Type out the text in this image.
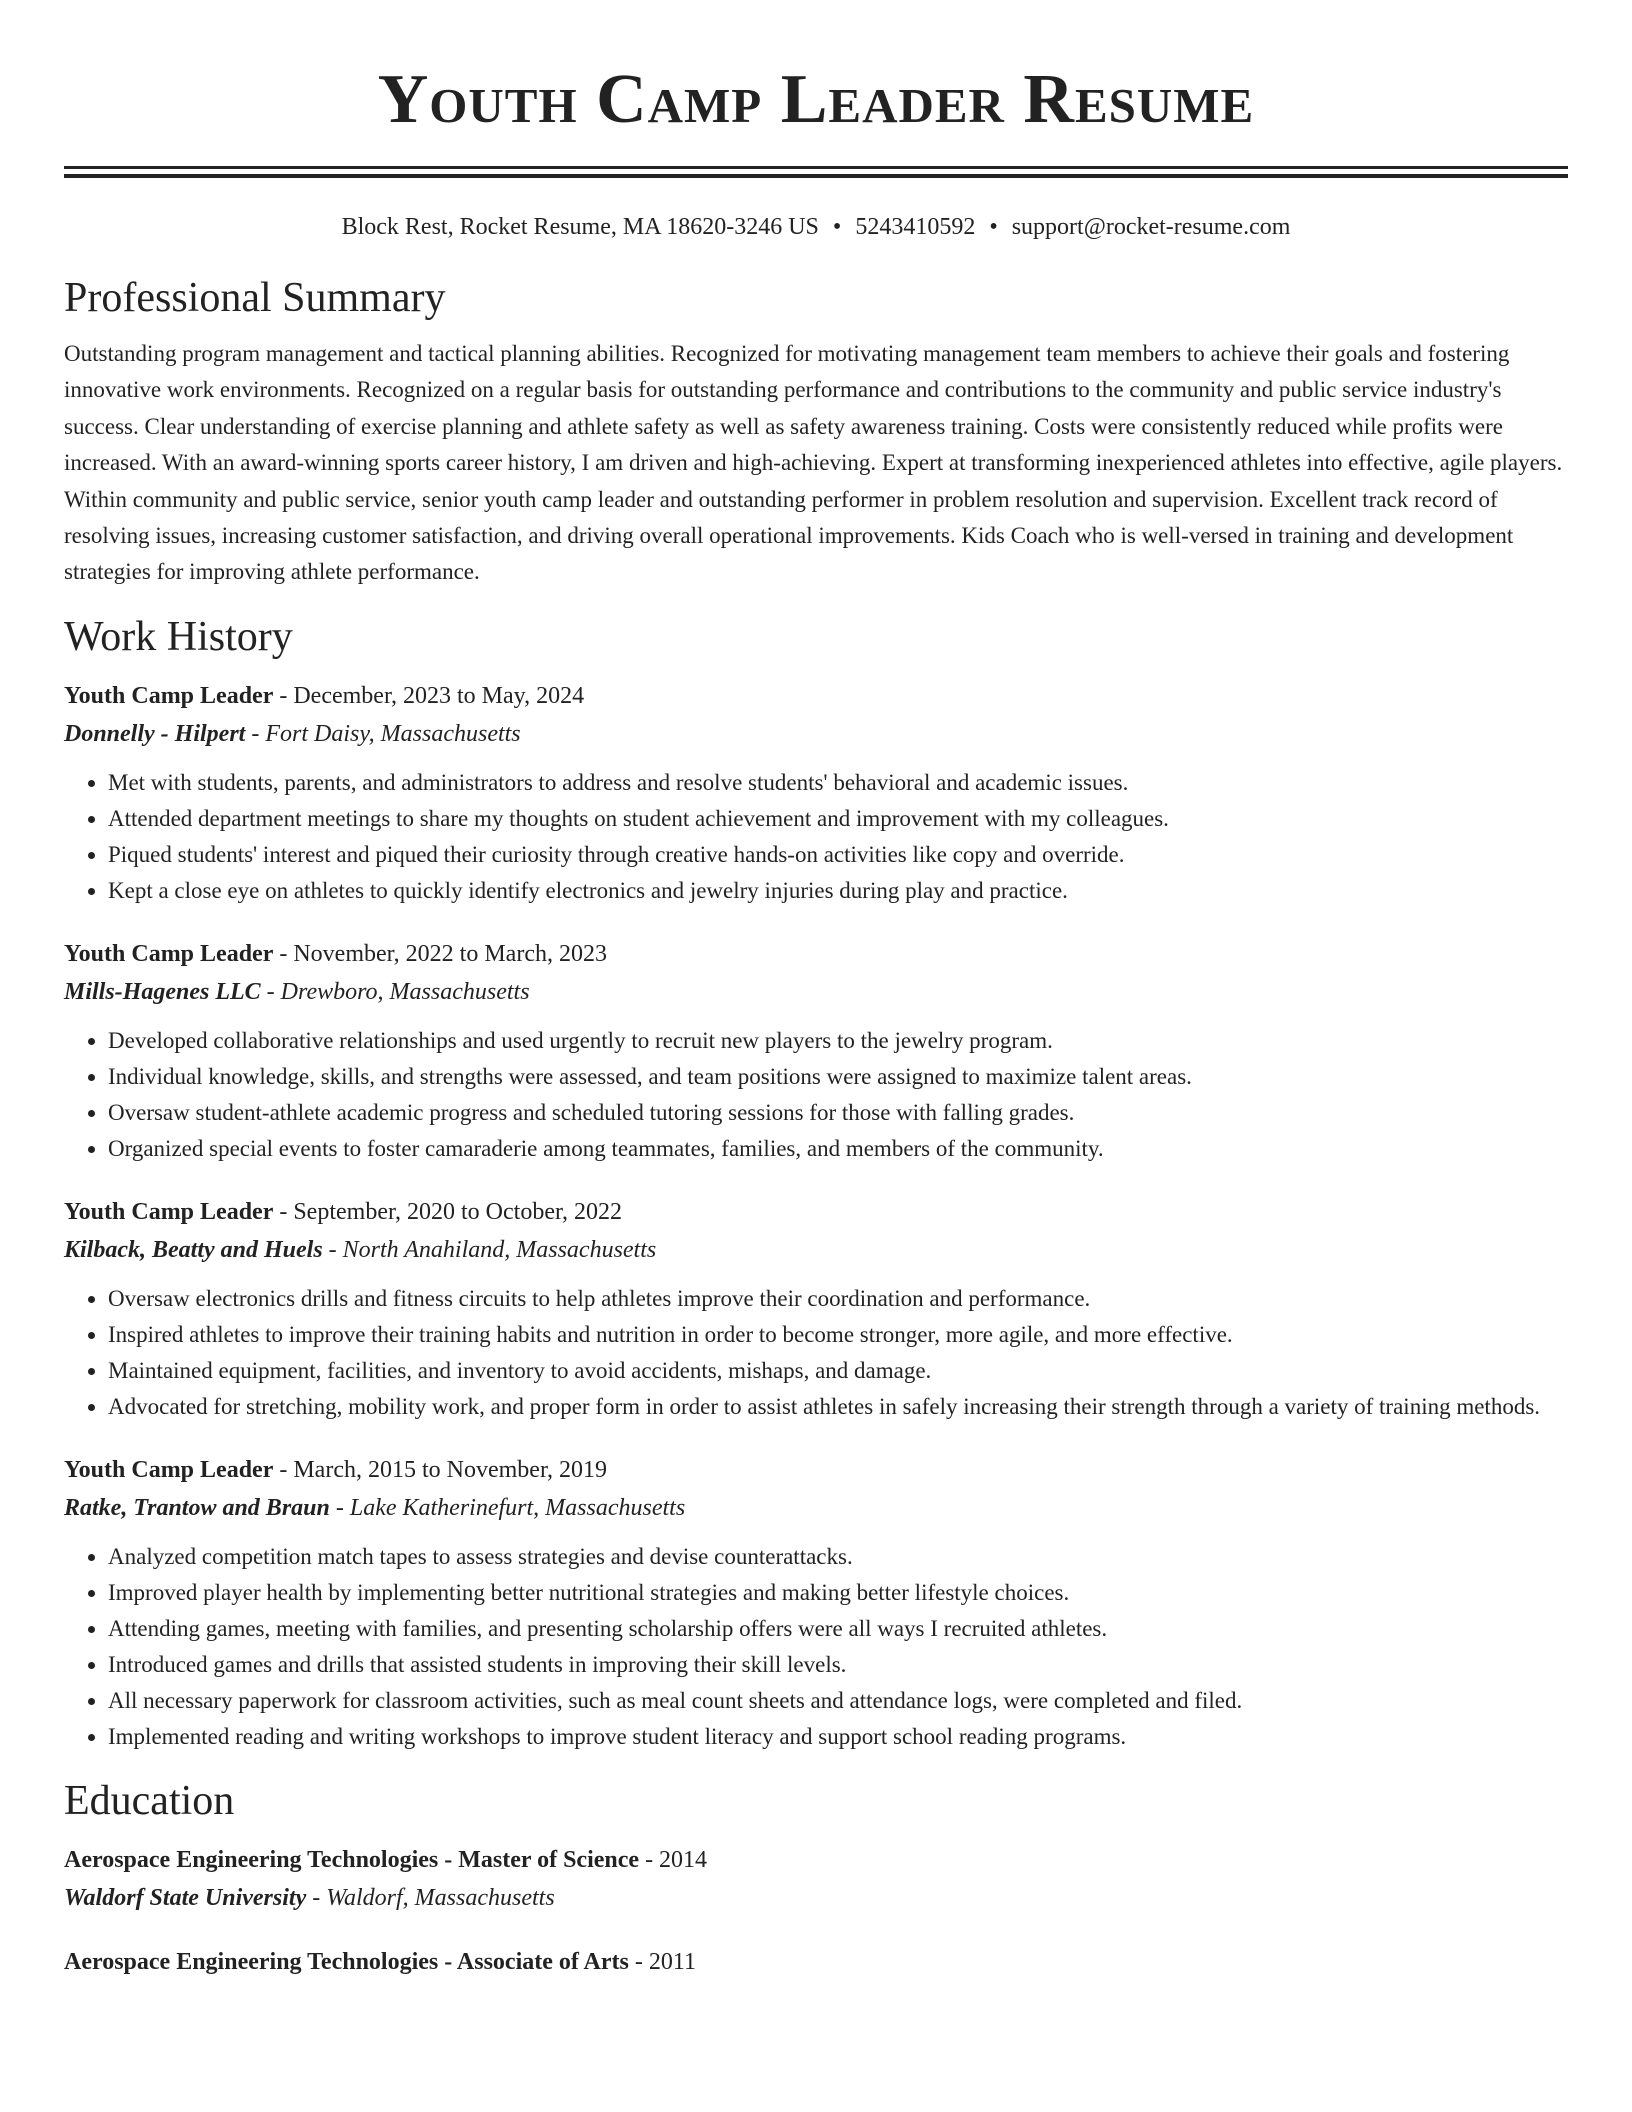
Youth Camp Leader Resume
Block Rest, Rocket Resume, MA 18620-3246 US • 5243410592 • support@rocket-resume.com
Professional Summary
Outstanding program management and tactical planning abilities. Recognized for motivating management team members to achieve their goals and fostering innovative work environments. Recognized on a regular basis for outstanding performance and contributions to the community and public service industry's success. Clear understanding of exercise planning and athlete safety as well as safety awareness training. Costs were consistently reduced while profits were increased. With an award-winning sports career history, I am driven and high-achieving. Expert at transforming inexperienced athletes into effective, agile players. Within community and public service, senior youth camp leader and outstanding performer in problem resolution and supervision. Excellent track record of resolving issues, increasing customer satisfaction, and driving overall operational improvements. Kids Coach who is well-versed in training and development strategies for improving athlete performance.
Work History
Youth Camp Leader - December, 2023 to May, 2024
Donnelly - Hilpert - Fort Daisy, Massachusetts
• Met with students, parents, and administrators to address and resolve students' behavioral and academic issues.
• Attended department meetings to share my thoughts on student achievement and improvement with my colleagues.
• Piqued students' interest and piqued their curiosity through creative hands-on activities like copy and override.
• Kept a close eye on athletes to quickly identify electronics and jewelry injuries during play and practice.
Youth Camp Leader - November, 2022 to March, 2023
Mills-Hagenes LLC - Drewboro, Massachusetts
• Developed collaborative relationships and used urgently to recruit new players to the jewelry program.
• Individual knowledge, skills, and strengths were assessed, and team positions were assigned to maximize talent areas.
• Oversaw student-athlete academic progress and scheduled tutoring sessions for those with falling grades.
• Organized special events to foster camaraderie among teammates, families, and members of the community.
Youth Camp Leader - September, 2020 to October, 2022
Kilback, Beatty and Huels - North Anahiland, Massachusetts
• Oversaw electronics drills and fitness circuits to help athletes improve their coordination and performance.
• Inspired athletes to improve their training habits and nutrition in order to become stronger, more agile, and more effective.
• Maintained equipment, facilities, and inventory to avoid accidents, mishaps, and damage.
• Advocated for stretching, mobility work, and proper form in order to assist athletes in safely increasing their strength through a variety of training methods.
Youth Camp Leader - March, 2015 to November, 2019
Ratke, Trantow and Braun - Lake Katherinefurt, Massachusetts
• Analyzed competition match tapes to assess strategies and devise counterattacks.
• Improved player health by implementing better nutritional strategies and making better lifestyle choices.
• Attending games, meeting with families, and presenting scholarship offers were all ways I recruited athletes.
• Introduced games and drills that assisted students in improving their skill levels.
• All necessary paperwork for classroom activities, such as meal count sheets and attendance logs, were completed and filed.
• Implemented reading and writing workshops to improve student literacy and support school reading programs.
Education
Aerospace Engineering Technologies - Master of Science - 2014
Waldorf State University - Waldorf, Massachusetts
Aerospace Engineering Technologies - Associate of Arts - 2011
